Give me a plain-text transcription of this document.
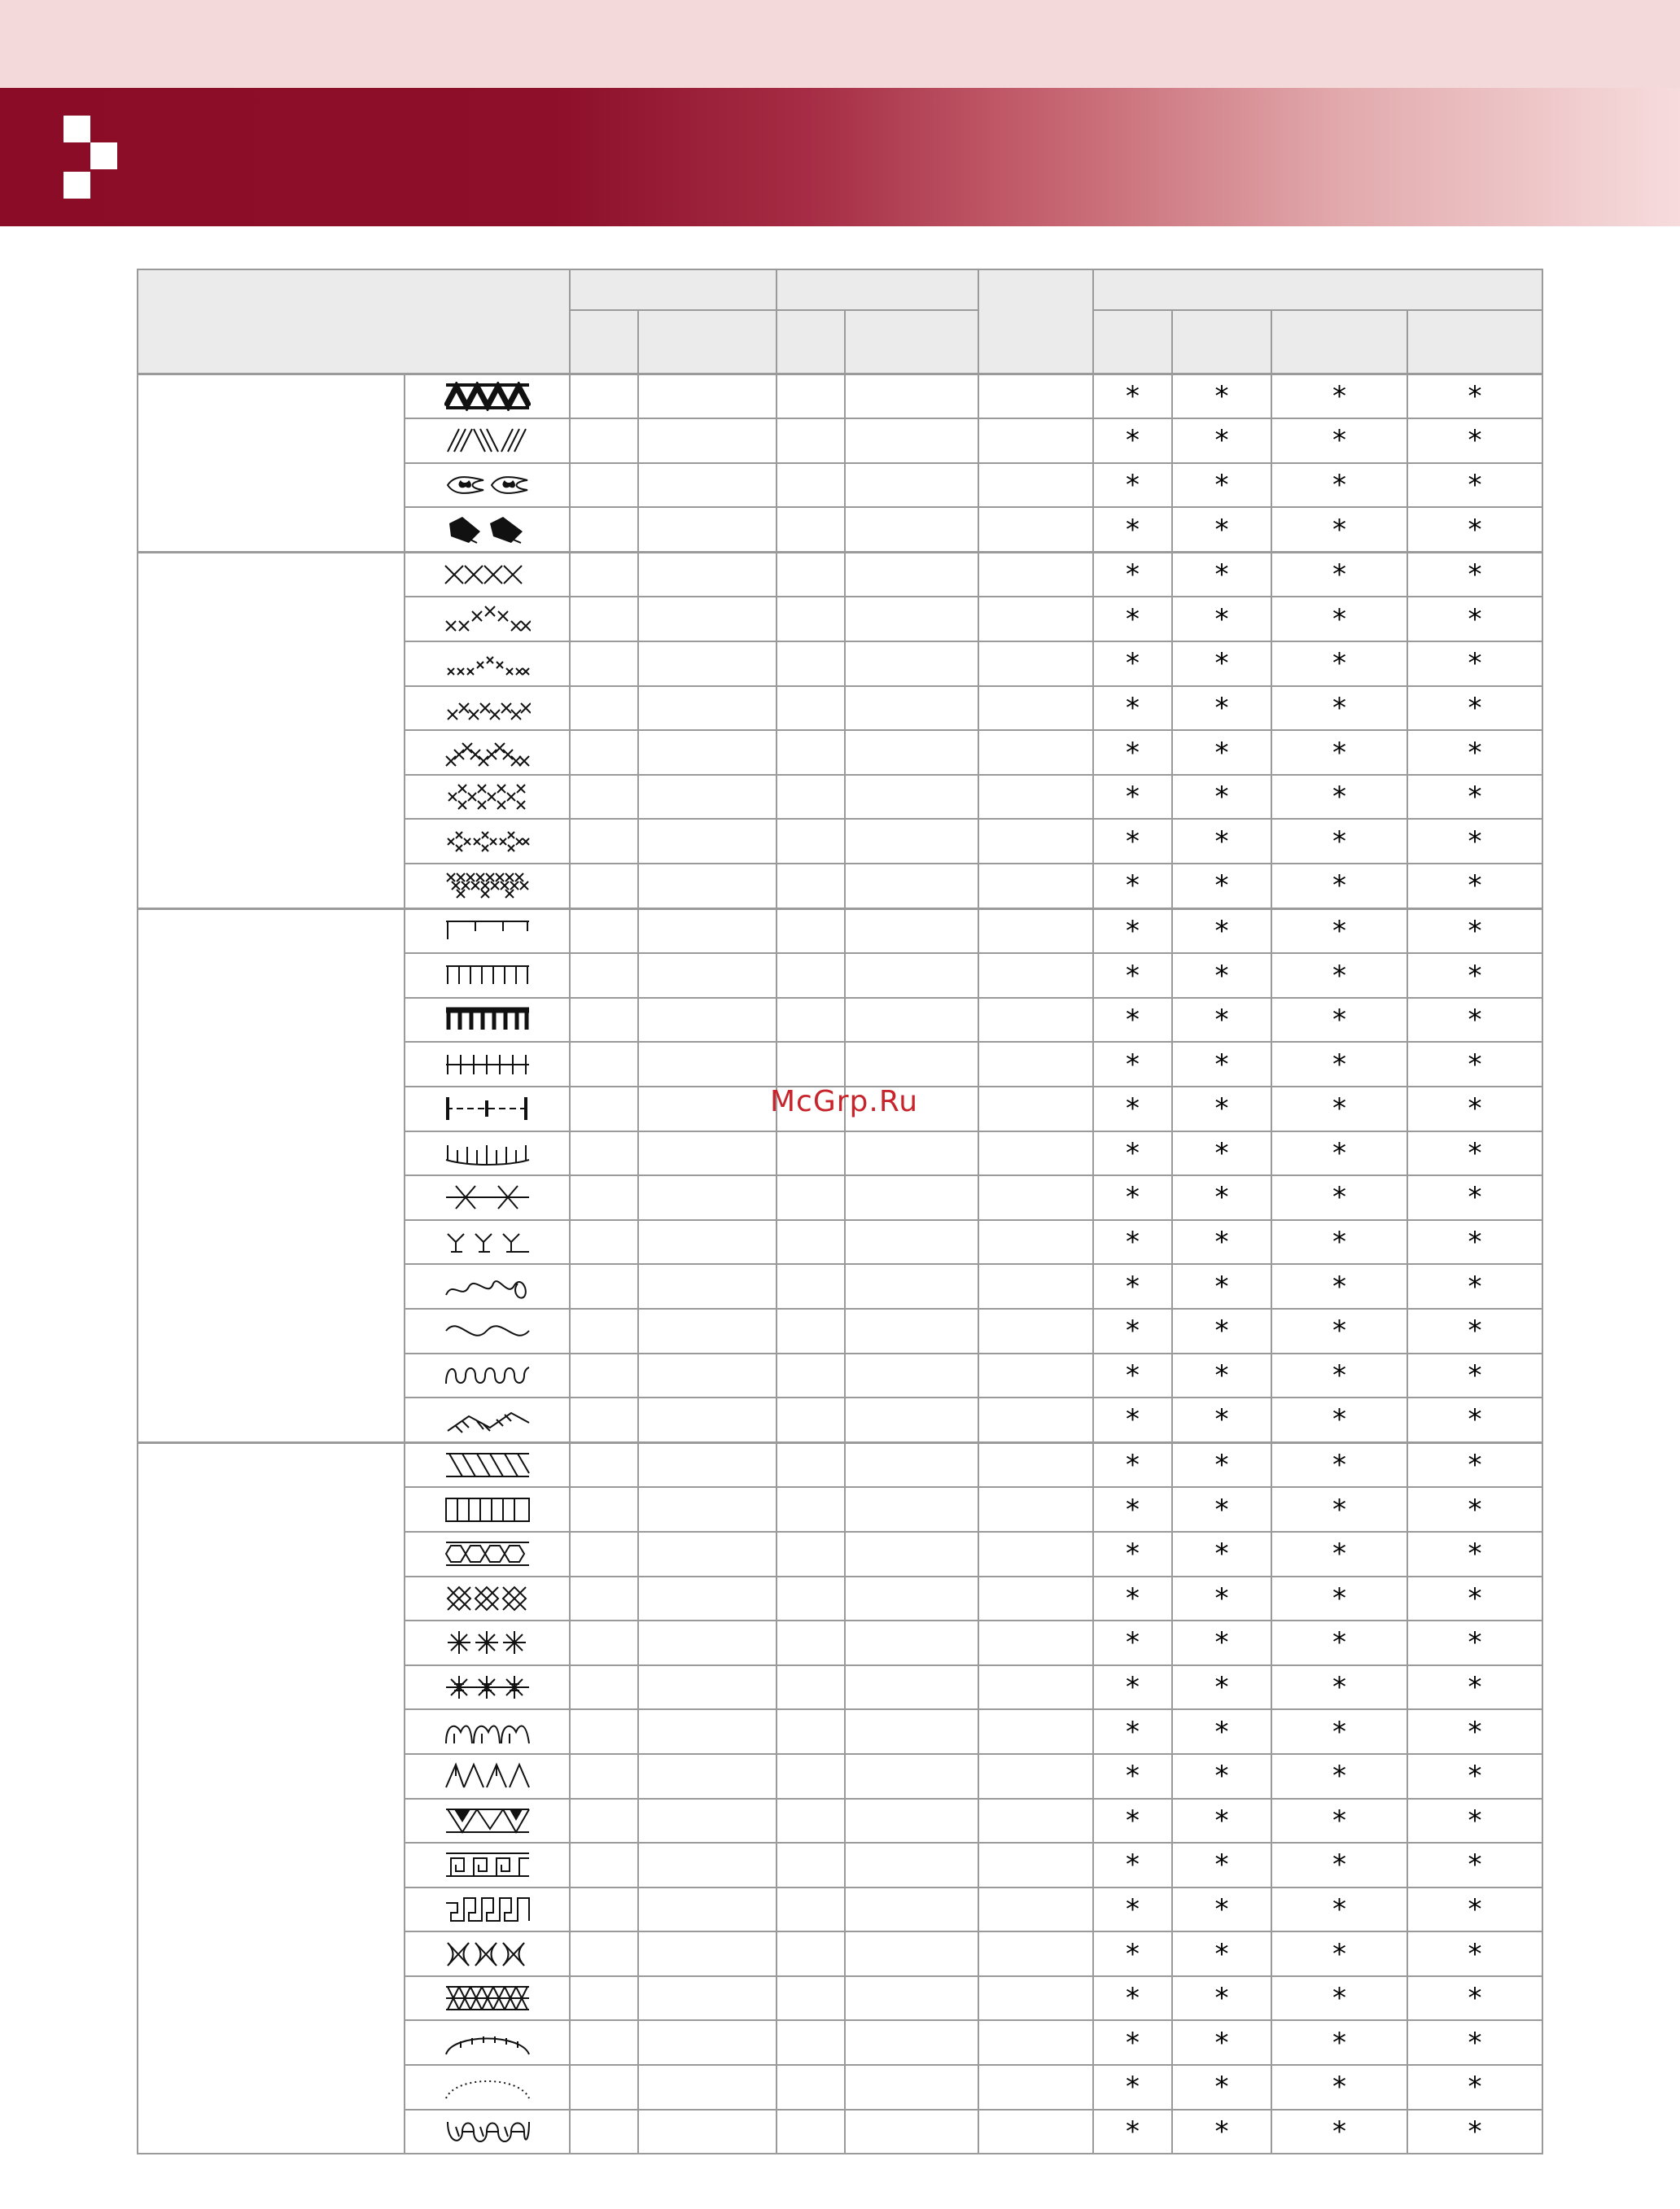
						*	*	*	*

						*	*	*	*

						*	*	*	*

						*	*	*	*

						*	*	*	*

						*	*	*	*

						*	*	*	*

						*	*	*	*

						*	*	*	*

						*	*	*	*

						*	*	*	*

						*	*	*	*

						*	*	*	*

						*	*	*	*

						*	*	*	*

						*	*	*	*

						*	*	*	*

						*	*	*	*

						*	*	*	*

						*	*	*	*

						*	*	*	*

						*	*	*	*

						*	*	*	*

						*	*	*	*

						*	*	*	*

						*	*	*	*

						*	*	*	*

						*	*	*	*

						*	*	*	*

						*	*	*	*

						*	*	*	*

						*	*	*	*

						*	*	*	*

						*	*	*	*

						*	*	*	*

						*	*	*	*

						*	*	*	*

						*	*	*	*

						*	*	*	*

						*	*	*	*
McGrp.Ru
